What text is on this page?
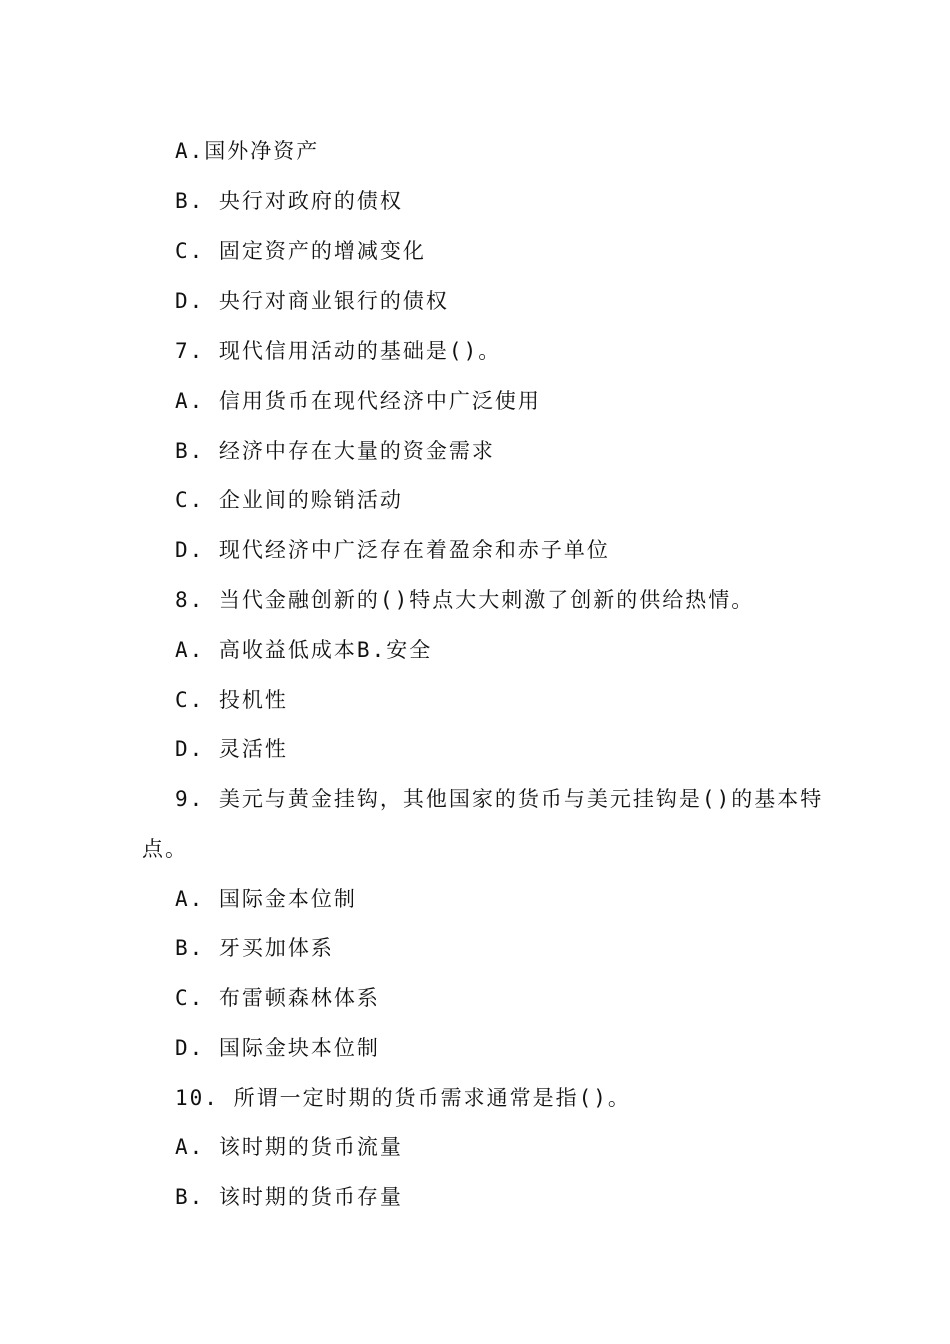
A.国外净资产
B. 央行对政府的债权
C. 固定资产的增减变化
D. 央行对商业银行的债权
7. 现代信用活动的基础是()。
A. 信用货币在现代经济中广泛使用
B. 经济中存在大量的资金需求
C. 企业间的赊销活动
D. 现代经济中广泛存在着盈余和赤子单位
8. 当代金融创新的()特点大大刺激了创新的供给热情。
A. 高收益低成本B.安全
C. 投机性
D. 灵活性
9. 美元与黄金挂钩，其他国家的货币与美元挂钩是()的基本特
点。
A. 国际金本位制
B. 牙买加体系
C. 布雷顿森林体系
D. 国际金块本位制
10. 所谓一定时期的货币需求通常是指()。
A. 该时期的货币流量
B. 该时期的货币存量
